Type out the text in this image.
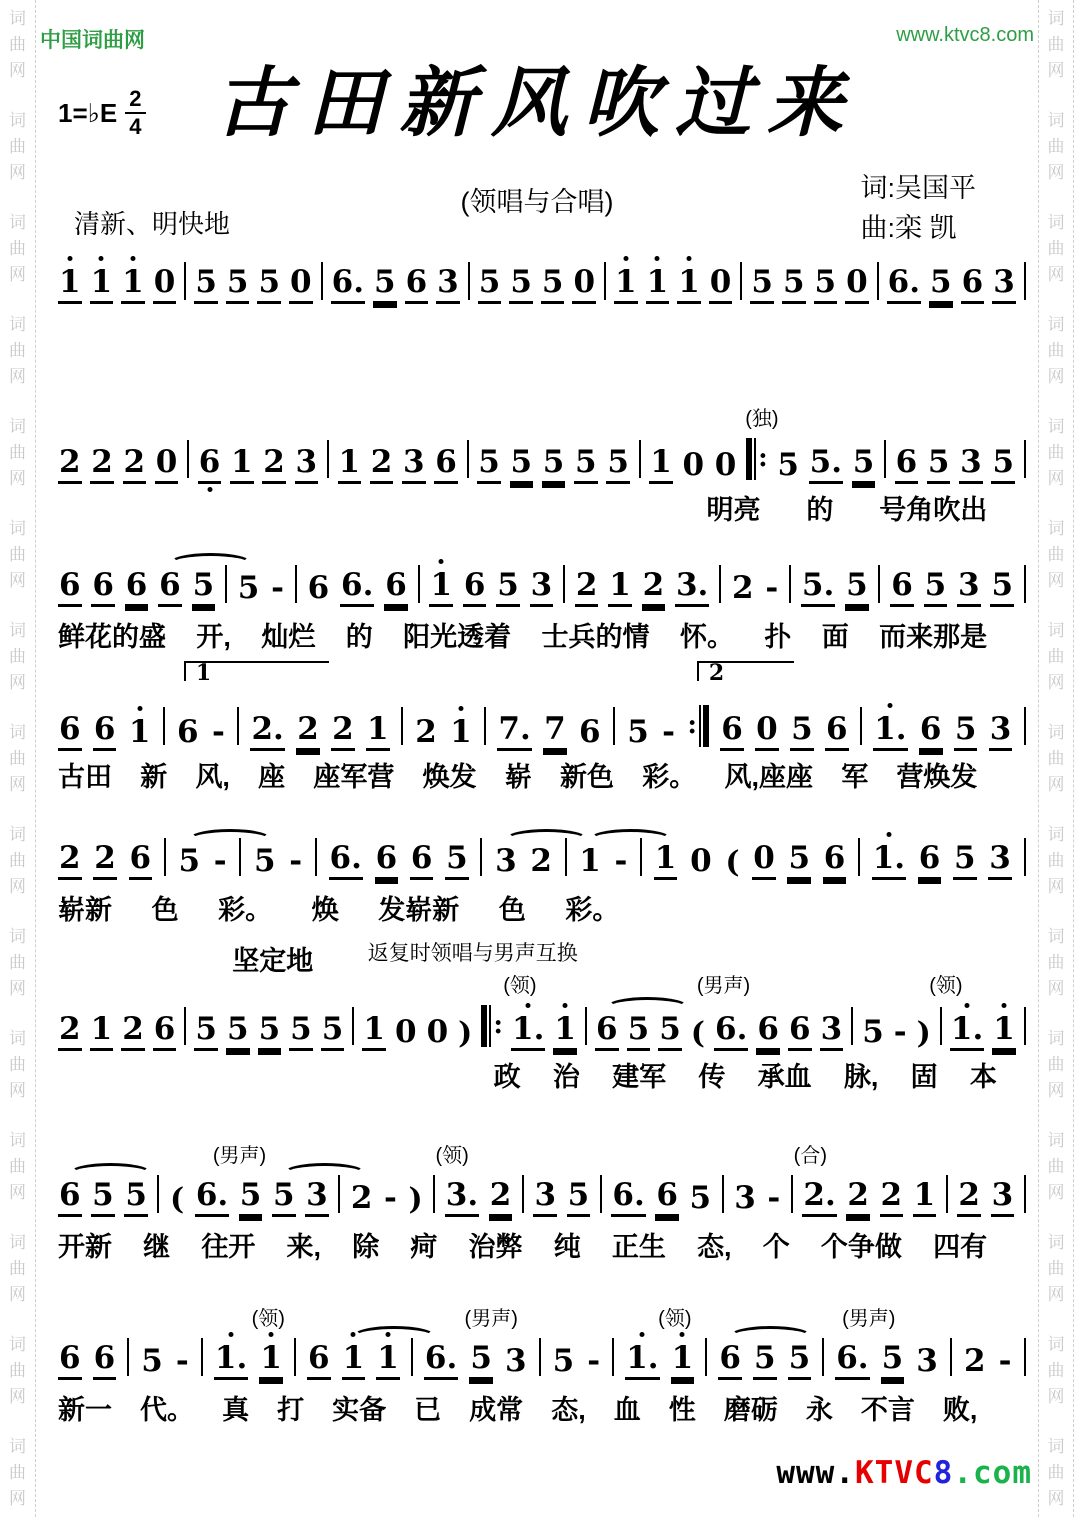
词
曲
网
词
曲
网
词
曲
网
词
曲
网
词
曲
网
词
曲
网
词
曲
网
词
曲
网
词
曲
网
词
曲
网
词
曲
网
词
曲
网
词
曲
网
词
曲
网
词
曲
网
词
曲
网
词
曲
网
词
曲
网
词
曲
网
词
曲
网
词
曲
网
词
曲
网
词
曲
网
词
曲
网
词
曲
网
词
曲
网
词
曲
网
词
曲
网
词
曲
网
词
曲
网
中国词曲网	www.ktvc8.com
1=♭E $\frac{2}{4}$ 古田新风吹过来
(领唱与合唱)	词:吴国平
曲:栾 凯
清新、明快地
1 1 1 0 5 5 5 0 6. 5 6 3 5 5 5 0 1 1 1 0 5 5 5 0 6. 5 6 3
(独)
2 2 2 0 6 1 2 3 1 2 3 6 5 5 5 5 5 1 0 0 : 5 5. 5 6 5 3 5
明亮 的 号角吹出
6 6 6 6 5 5 - 6 6. 6 1 6 5 3 2 1 2 3. 2 - 5. 5 6 5 3 5
鲜花的盛 开, 灿烂 的 阳光透着 士兵的情 怀。 扑 面 而来那是
1	2
6 6 1 6 - 2. 2 2 1 2 1 7. 7 6 5 - : 6 0 5 6 1. 6 5 3
古田 新 风, 座 座军营 焕发 崭 新色 彩。 风,座座 军 营焕发
2 2 6 5 - 5 - 6. 6 6 5 3 2 1 - 1 0 ( 0 5 6 1. 6 5 3
崭新 色 彩。 焕 发崭新 色 彩。
坚定地	返复时领唱与男声互换
(领)	(男声)	(领)
2 1 2 6 5 5 5 5 5 1 0 0 ) : 1. 1 6 5 5 ( 6. 6 6 3 5 - ) 1. 1
政 治 建军 传 承血 脉, 固 本
(男声)	(领)	(合)
6 5 5 ( 6. 5 5 3 2 - ) 3. 2 3 5 6. 6 5 3 - 2. 2 2 1 2 3
开新 继 往开 来, 除 疴 治弊 纯 正生 态, 个 个争做 四有
(领)	(男声)	(领)	(男声)
6 6 5 - 1. 1 6 1 1 6. 5 3 5 - 1. 1 6 5 5 6. 5 3 2 -
新一 代。 真 打 实备 已 成常 态, 血 性 磨砺 永 不言 败,
www.KTVC8.com
